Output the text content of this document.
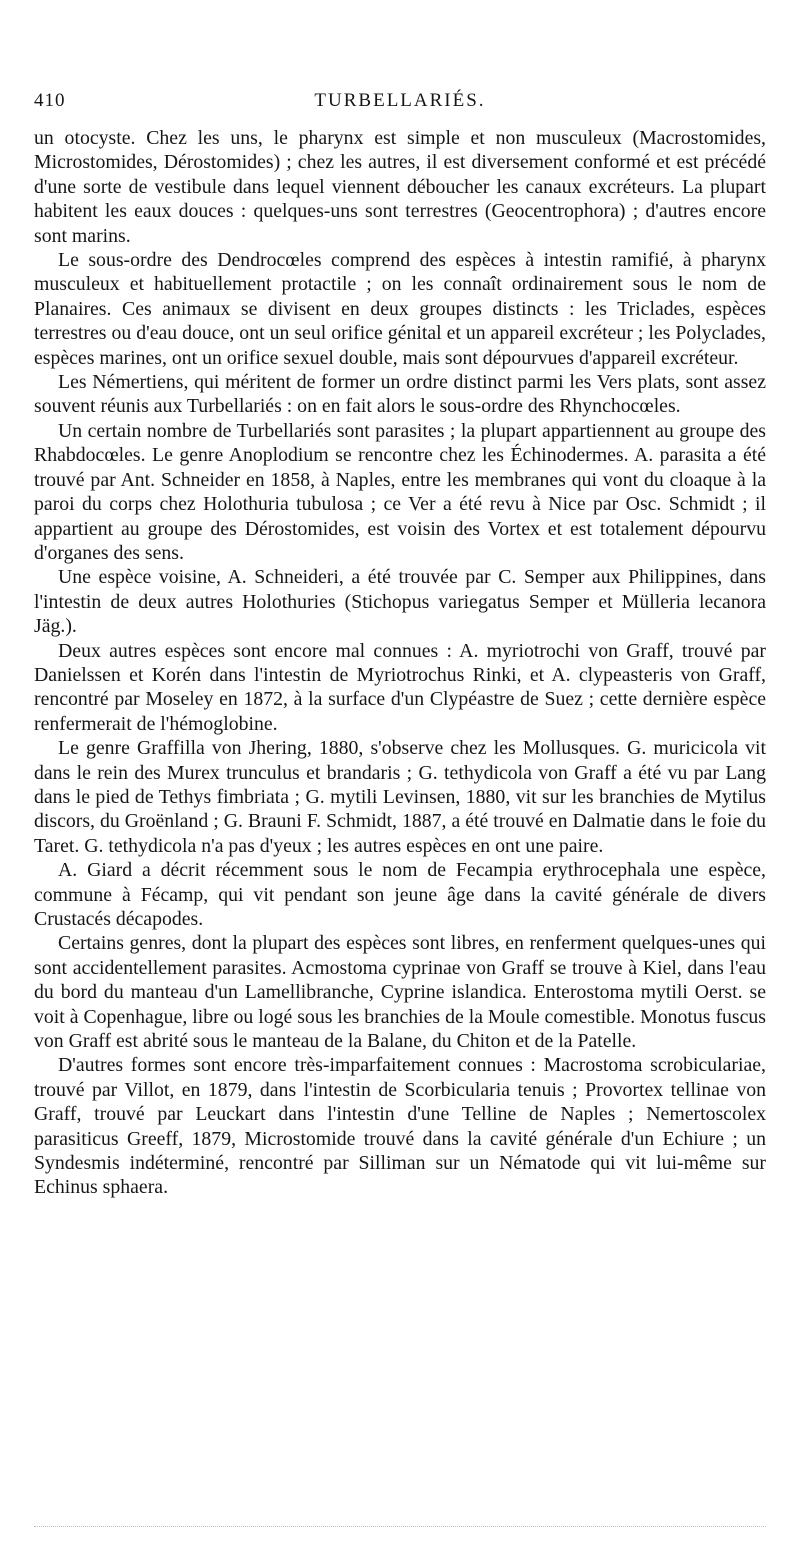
410	TURBELLARIÉS.

un otocyste. Chez les uns, le pharynx est simple et non musculeux (Macrostomides, Microstomides, Dérostomides) ; chez les autres, il est diversement conformé et est précédé d'une sorte de vestibule dans lequel viennent déboucher les canaux excréteurs. La plupart habitent les eaux douces : quelques-uns sont terrestres (Geocentrophora) ; d'autres encore sont marins.

Le sous-ordre des Dendrocœles comprend des espèces à intestin ramifié, à pharynx musculeux et habituellement protactile ; on les connaît ordinairement sous le nom de Planaires. Ces animaux se divisent en deux groupes distincts : les Triclades, espèces terrestres ou d'eau douce, ont un seul orifice génital et un appareil excréteur ; les Polyclades, espèces marines, ont un orifice sexuel double, mais sont dépourvues d'appareil excréteur.

Les Némertiens, qui méritent de former un ordre distinct parmi les Vers plats, sont assez souvent réunis aux Turbellariés : on en fait alors le sous-ordre des Rhynchocœles.

Un certain nombre de Turbellariés sont parasites ; la plupart appartiennent au groupe des Rhabdocœles. Le genre Anoplodium se rencontre chez les Échinodermes. A. parasita a été trouvé par Ant. Schneider en 1858, à Naples, entre les membranes qui vont du cloaque à la paroi du corps chez Holothuria tubulosa ; ce Ver a été revu à Nice par Osc. Schmidt ; il appartient au groupe des Dérostomides, est voisin des Vortex et est totalement dépourvu d'organes des sens.

Une espèce voisine, A. Schneideri, a été trouvée par C. Semper aux Philippines, dans l'intestin de deux autres Holothuries (Stichopus variegatus Semper et Mülleria lecanora Jäg.).

Deux autres espèces sont encore mal connues : A. myriotrochi von Graff, trouvé par Danielssen et Korén dans l'intestin de Myriotrochus Rinki, et A. clypeasteris von Graff, rencontré par Moseley en 1872, à la surface d'un Clypéastre de Suez ; cette dernière espèce renfermerait de l'hémoglobine.

Le genre Graffilla von Jhering, 1880, s'observe chez les Mollusques. G. muricicola vit dans le rein des Murex trunculus et brandaris ; G. tethydicola von Graff a été vu par Lang dans le pied de Tethys fimbriata ; G. mytili Levinsen, 1880, vit sur les branchies de Mytilus discors, du Groënland ; G. Brauni F. Schmidt, 1887, a été trouvé en Dalmatie dans le foie du Taret. G. tethydicola n'a pas d'yeux ; les autres espèces en ont une paire.

A. Giard a décrit récemment sous le nom de Fecampia erythrocephala une espèce, commune à Fécamp, qui vit pendant son jeune âge dans la cavité générale de divers Crustacés décapodes.

Certains genres, dont la plupart des espèces sont libres, en renferment quelques-unes qui sont accidentellement parasites. Acmostoma cyprinae von Graff se trouve à Kiel, dans l'eau du bord du manteau d'un Lamellibranche, Cyprine islandica. Enterostoma mytili Oerst. se voit à Copenhague, libre ou logé sous les branchies de la Moule comestible. Monotus fuscus von Graff est abrité sous le manteau de la Balane, du Chiton et de la Patelle.

D'autres formes sont encore très-imparfaitement connues : Macrostoma scrobiculariae, trouvé par Villot, en 1879, dans l'intestin de Scorbicularia tenuis ; Provortex tellinae von Graff, trouvé par Leuckart dans l'intestin d'une Telline de Naples ; Nemertoscolex parasiticus Greeff, 1879, Microstomide trouvé dans la cavité générale d'un Echiure ; un Syndesmis indéterminé, rencontré par Silliman sur un Nématode qui vit lui-même sur Echinus sphaera.
